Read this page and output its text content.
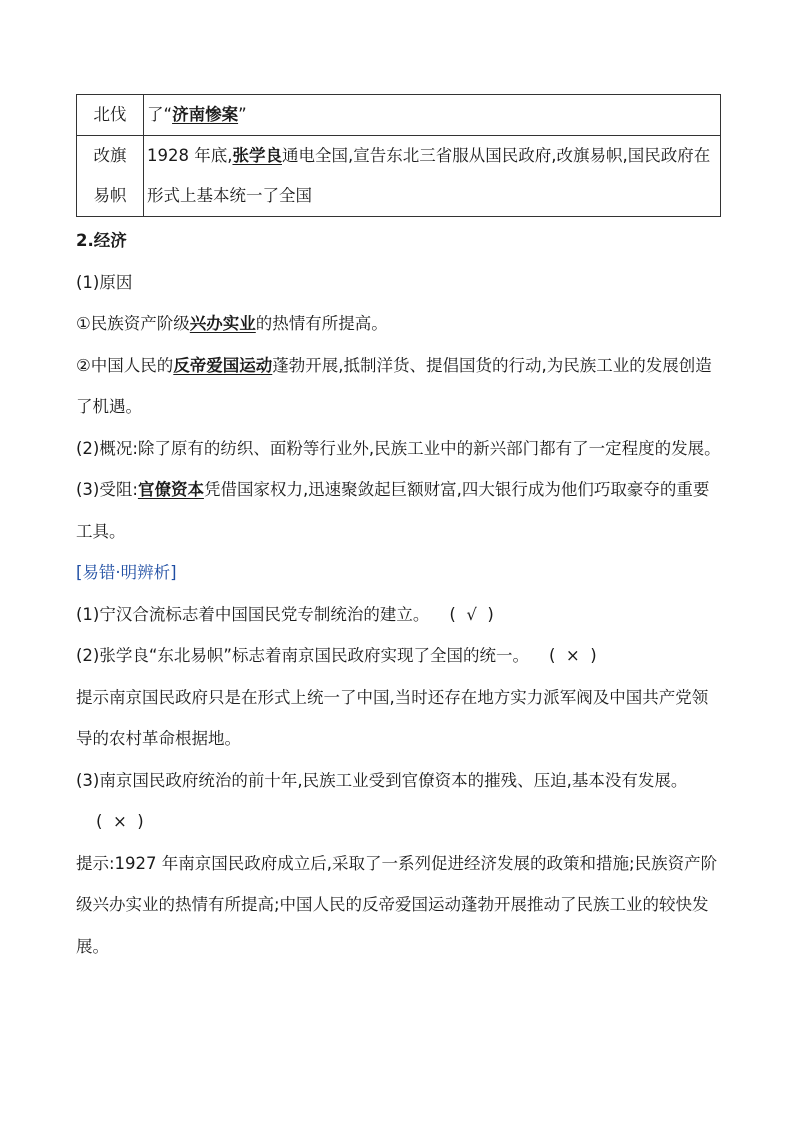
北伐	了“济南惨案”

改旗
易帜	1928 年底,张学良通电全国,宣告东北三省服从国民政府,改旗易帜,国民政府在形式上基本统一了全国

2.经济

(1)原因

①民族资产阶级兴办实业的热情有所提高。

②中国人民的反帝爱国运动蓬勃开展,抵制洋货、提倡国货的行动,为民族工业的发展创造了机遇。

(2)概况:除了原有的纺织、面粉等行业外,民族工业中的新兴部门都有了一定程度的发展。

(3)受阻:官僚资本凭借国家权力,迅速聚敛起巨额财富,四大银行成为他们巧取豪夺的重要工具。

[易错·明辨析]

(1)宁汉合流标志着中国国民党专制统治的建立。 (  √  )

(2)张学良“东北易帜”标志着南京国民政府实现了全国的统一。 (  ×  )

提示南京国民政府只是在形式上统一了中国,当时还存在地方实力派军阀及中国共产党领导的农村革命根据地。

(3)南京国民政府统治的前十年,民族工业受到官僚资本的摧残、压迫,基本没有发展。(  ×  )

提示:1927 年南京国民政府成立后,采取了一系列促进经济发展的政策和措施;民族资产阶级兴办实业的热情有所提高;中国人民的反帝爱国运动蓬勃开展推动了民族工业的较快发展。
